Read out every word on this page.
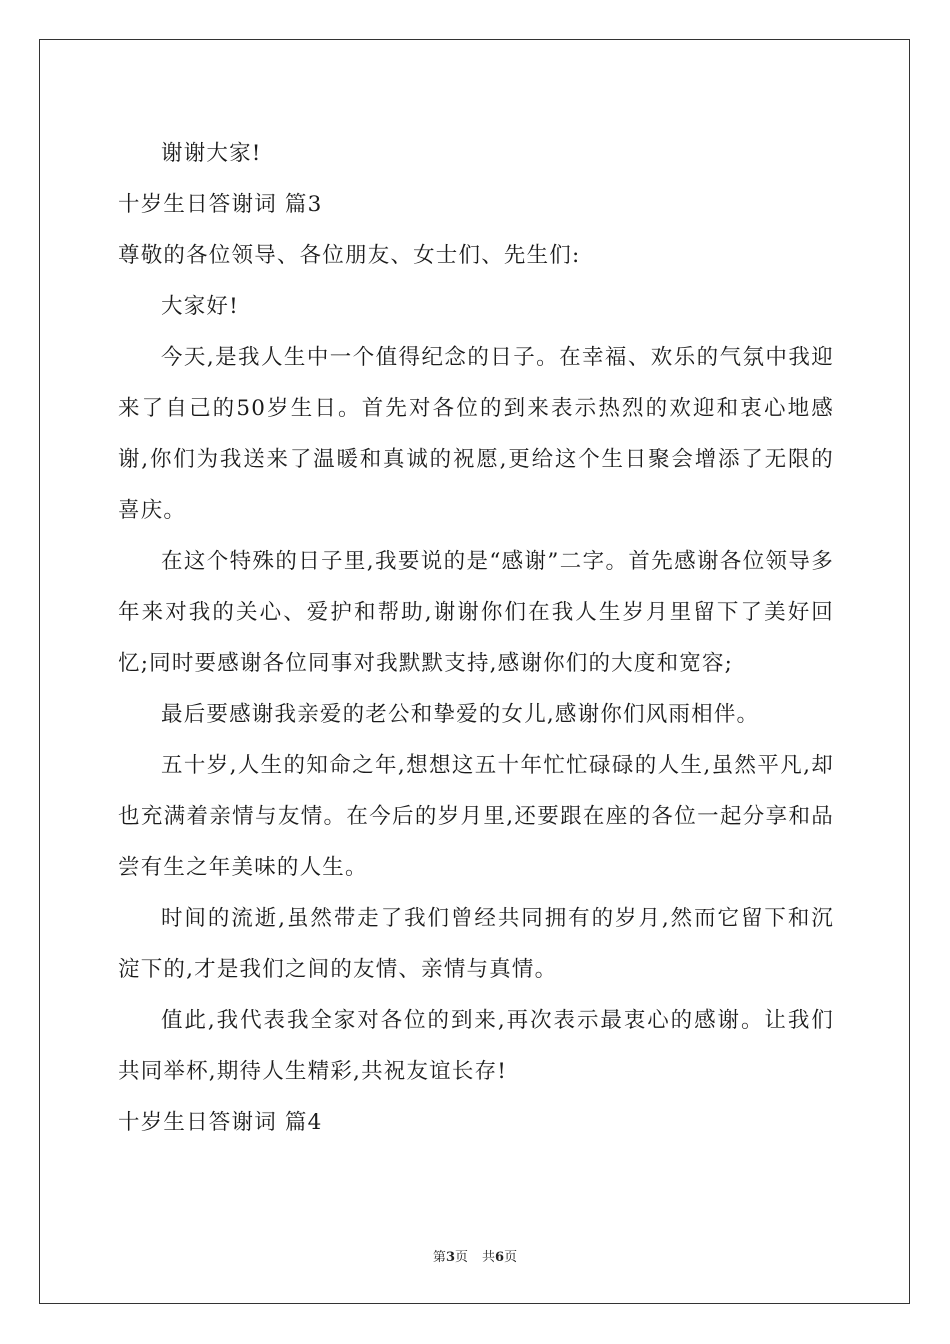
谢谢大家!
十岁生日答谢词 篇3
尊敬的各位领导、各位朋友、女士们、先生们:
大家好!
今天,是我人生中一个值得纪念的日子。在幸福、欢乐的气氛中我迎来了自己的50岁生日。首先对各位的到来表示热烈的欢迎和衷心地感谢,你们为我送来了温暖和真诚的祝愿,更给这个生日聚会增添了无限的喜庆。
在这个特殊的日子里,我要说的是“感谢”二字。首先感谢各位领导多年来对我的关心、爱护和帮助,谢谢你们在我人生岁月里留下了美好回忆;同时要感谢各位同事对我默默支持,感谢你们的大度和宽容;
最后要感谢我亲爱的老公和挚爱的女儿,感谢你们风雨相伴。
五十岁,人生的知命之年,想想这五十年忙忙碌碌的人生,虽然平凡,却也充满着亲情与友情。在今后的岁月里,还要跟在座的各位一起分享和品尝有生之年美味的人生。
时间的流逝,虽然带走了我们曾经共同拥有的岁月,然而它留下和沉淀下的,才是我们之间的友情、亲情与真情。
值此,我代表我全家对各位的到来,再次表示最衷心的感谢。让我们共同举杯,期待人生精彩,共祝友谊长存!
十岁生日答谢词 篇4
第3页 共6页
